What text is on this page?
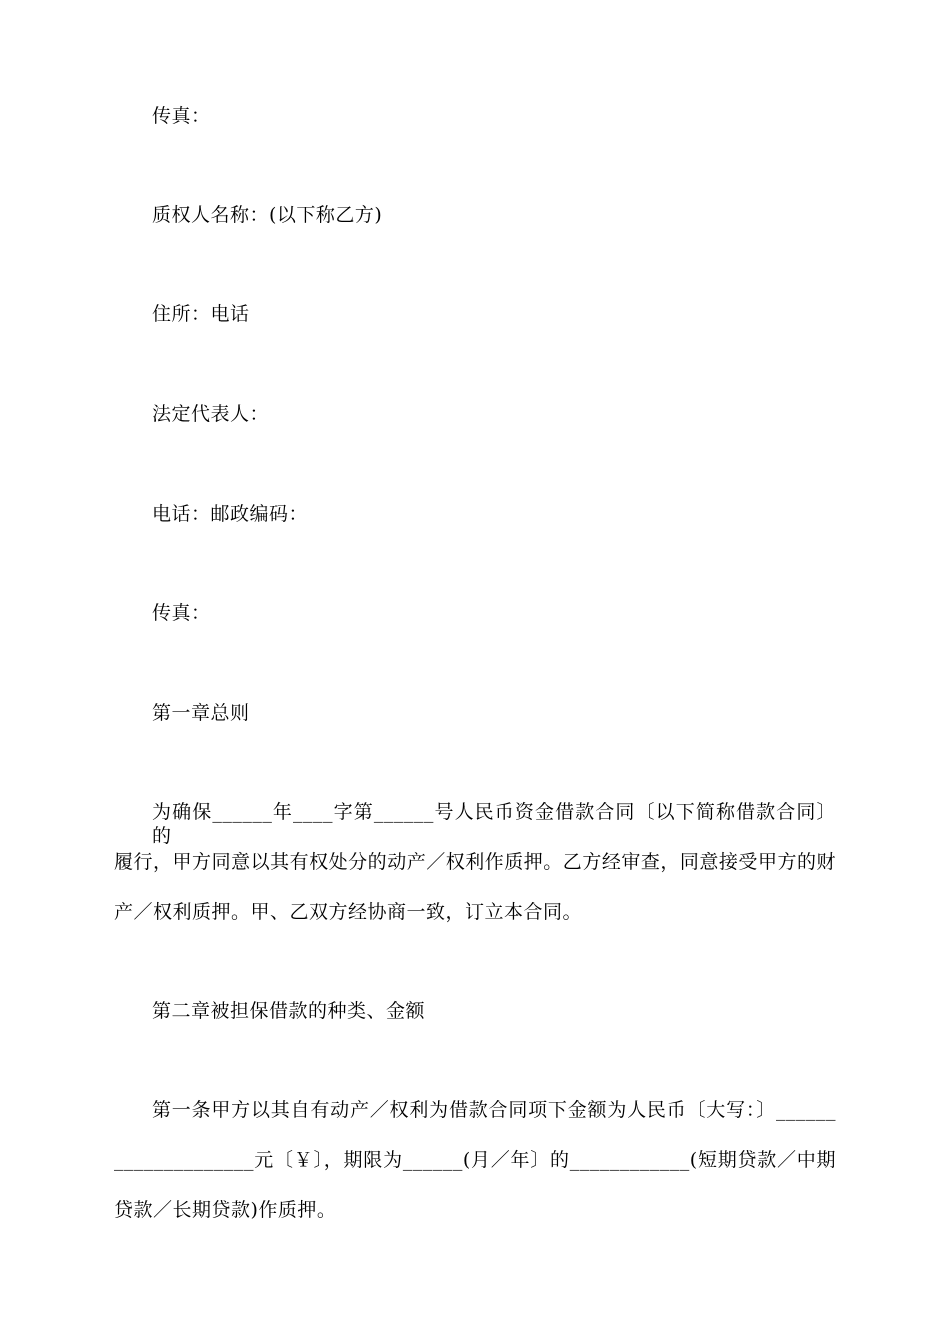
传真：
质权人名称：(以下称乙方)
住所：电话
法定代表人：
电话：邮政编码：
传真：
第一章总则
为确保______年____字第______号人民币资金借款合同〔以下简称借款合同〕的
履行，甲方同意以其有权处分的动产／权利作质押。乙方经审查，同意接受甲方的财
产／权利质押。甲、乙双方经协商一致，订立本合同。
第二章被担保借款的种类、金额
第一条甲方以其自有动产／权利为借款合同项下金额为人民币〔大写：〕______
______________元〔￥〕，期限为______(月／年〕的____________(短期贷款／中期
贷款／长期贷款)作质押。
